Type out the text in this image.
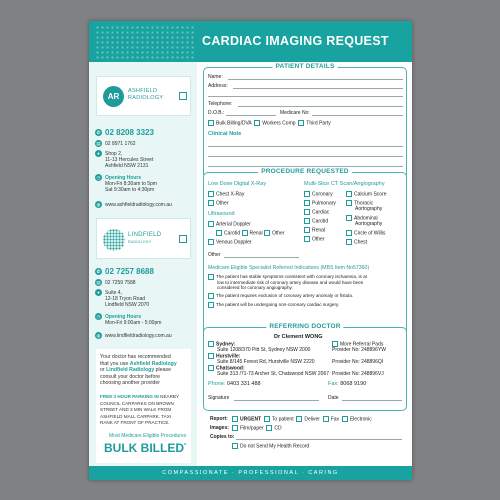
CARDIAC IMAGING REQUEST
AR
ASHFIELD
RADIOLOGY
✆ 02 8208 3323
▤ 02 8971 1762
● Shop 2,
11-13 Hercules Street
Ashfield NSW 2131
◷ Opening Hours
Mon-Fri 8:30am to 5pm
Sat 9:30am to 4:30pm
◍ www.ashfieldradiology.com.au
LINDFIELD
RADIOLOGY
✆ 02 7257 8688
▤ 02 7259 7588
● Suite 4,
12-18 Tryon Road
Lindfield NSW 2070
◷ Opening Hours
Mon-Fri 9:00am - 5:00pm
◍ www.lindfieldradiology.com.au
Your doctor has recommended
that you use Ashfield Radiology
or Lindfield Radiology please
consult your doctor before
choosing another provider
FREE 3 HOUR PARKING IN NEARBY
COUNCIL CARPARKS ON BROWN
STREET AND 3 MIN WALK FROM
ASHFIELD MALL CARPARK. TAXI
RANK AT FRONT OF PRACTICE.
Most Medicare Eligible Procedures
BULK BILLED*
PATIENT DETAILS
Name:
Address:
Telephone:
D.O.B.:	Medicare No:
Bulk Billing/DVA Workers Comp Third Party
Clinical Note
PROCEDURE REQUESTED
Low Dose Digital X-Ray
Chest X-Ray
Other
Ultrasound
Arterial Doppler
Carotid Renal Other
Venous Doppler
Other
Multi-Slice CT Scan/Angiography
Coronary
Pulmonary
Cardiac
Carotid
Renal
Other
Calcium Score
Thoracic
Aortography
Abdominal
Aortography
Circle of Willis
Chest
Medicare Eligible Specialist Referred Indications (MBS Item No57360)
The patient has stable symptoms consistent with coronary ischaemia, is at
low to intermediate risk of coronary artery disease and would have been
considered for coronary angiography.
The patient requires exclusion of coronary artery anomaly or fistula.
The patient will be undergoing non-coronary cardiac surgery.
REFERRING DOCTOR
Dr Clement WONG
More Referral Pads
Sydney:
Suite 1208/370 Pitt St, Sydney NSW 2000	Provider No: 248896YW
Hurstville:
Suite 8/145 Forest Rd, Hurstville NSW 2220	Provider No: 248896QI
Chatswood:
Suite 313 /71-73 Archer St, Chatswood NSW 2067 Provider No: 248896VJ
Phone: 0403 331 488	Fax: 8068 9190
Signature	Date
Report:	URGENT To patient Deliver Fax Electronic
Images:	Film/paper CD
Copies to:
Do not Send My Health Record
COMPASSIONATE · PROFESSIONAL · CARING
